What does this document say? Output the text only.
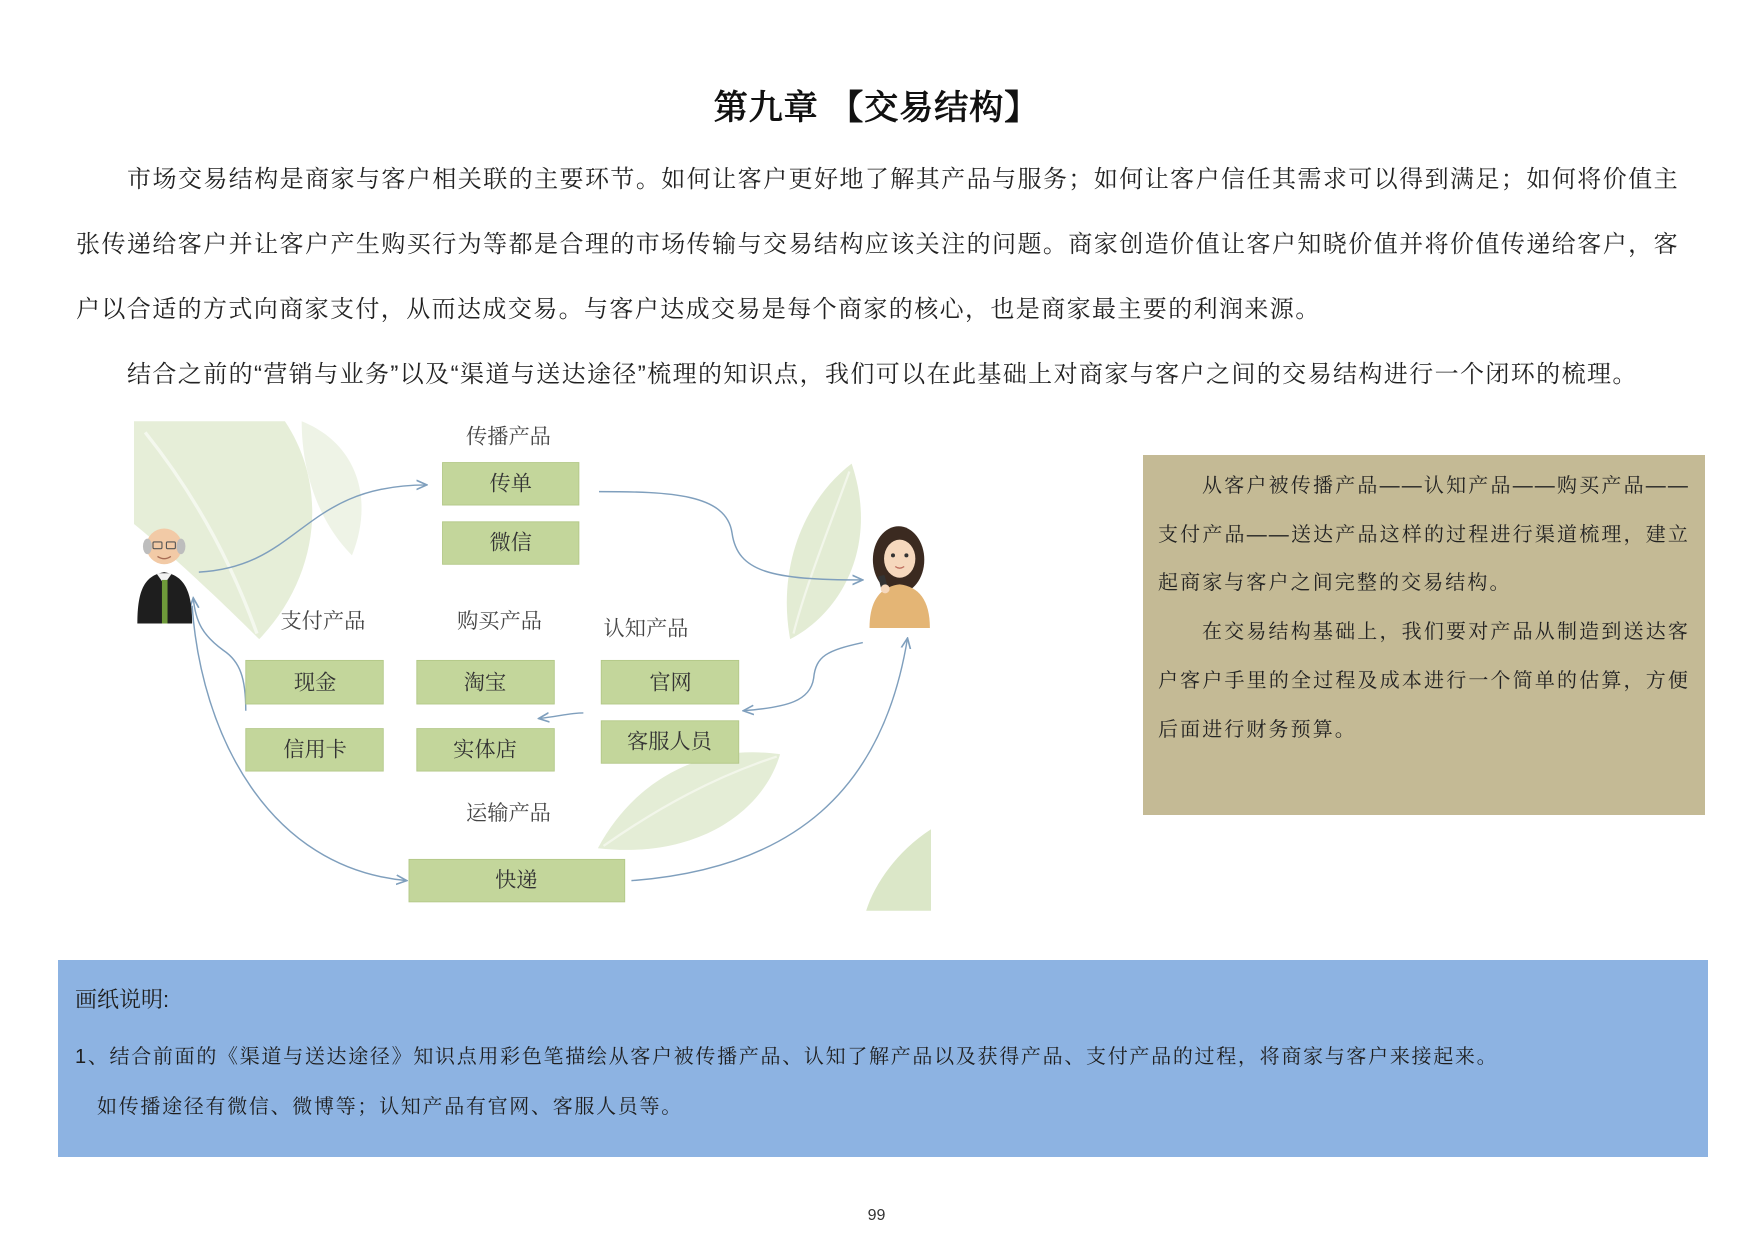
第九章 【交易结构】

市场交易结构是商家与客户相关联的主要环节。如何让客户更好地了解其产品与服务；如何让客户信任其需求可以得到满足；如何将价值主张传递给客户并让客户产生购买行为等都是合理的市场传输与交易结构应该关注的问题。商家创造价值让客户知晓价值并将价值传递给客户，客户以合适的方式向商家支付，从而达成交易。与客户达成交易是每个商家的核心，也是商家最主要的利润来源。

结合之前的“营销与业务”以及“渠道与送达途径”梳理的知识点，我们可以在此基础上对商家与客户之间的交易结构进行一个闭环的梳理。

传播产品
支付产品	购买产品	认知产品
运输产品
传单
微信
现金
信用卡
淘宝
实体店
官网
客服人员
快递

从客户被传播产品——认知产品——购买产品——支付产品——送达产品这样的过程进行渠道梳理，建立起商家与客户之间完整的交易结构。

在交易结构基础上，我们要对产品从制造到送达客户客户手里的全过程及成本进行一个简单的估算，方便后面进行财务预算。

画纸说明:
1、结合前面的《渠道与送达途径》知识点用彩色笔描绘从客户被传播产品、认知了解产品以及获得产品、支付产品的过程，将商家与客户来接起来。
如传播途径有微信、微博等；认知产品有官网、客服人员等。
99
